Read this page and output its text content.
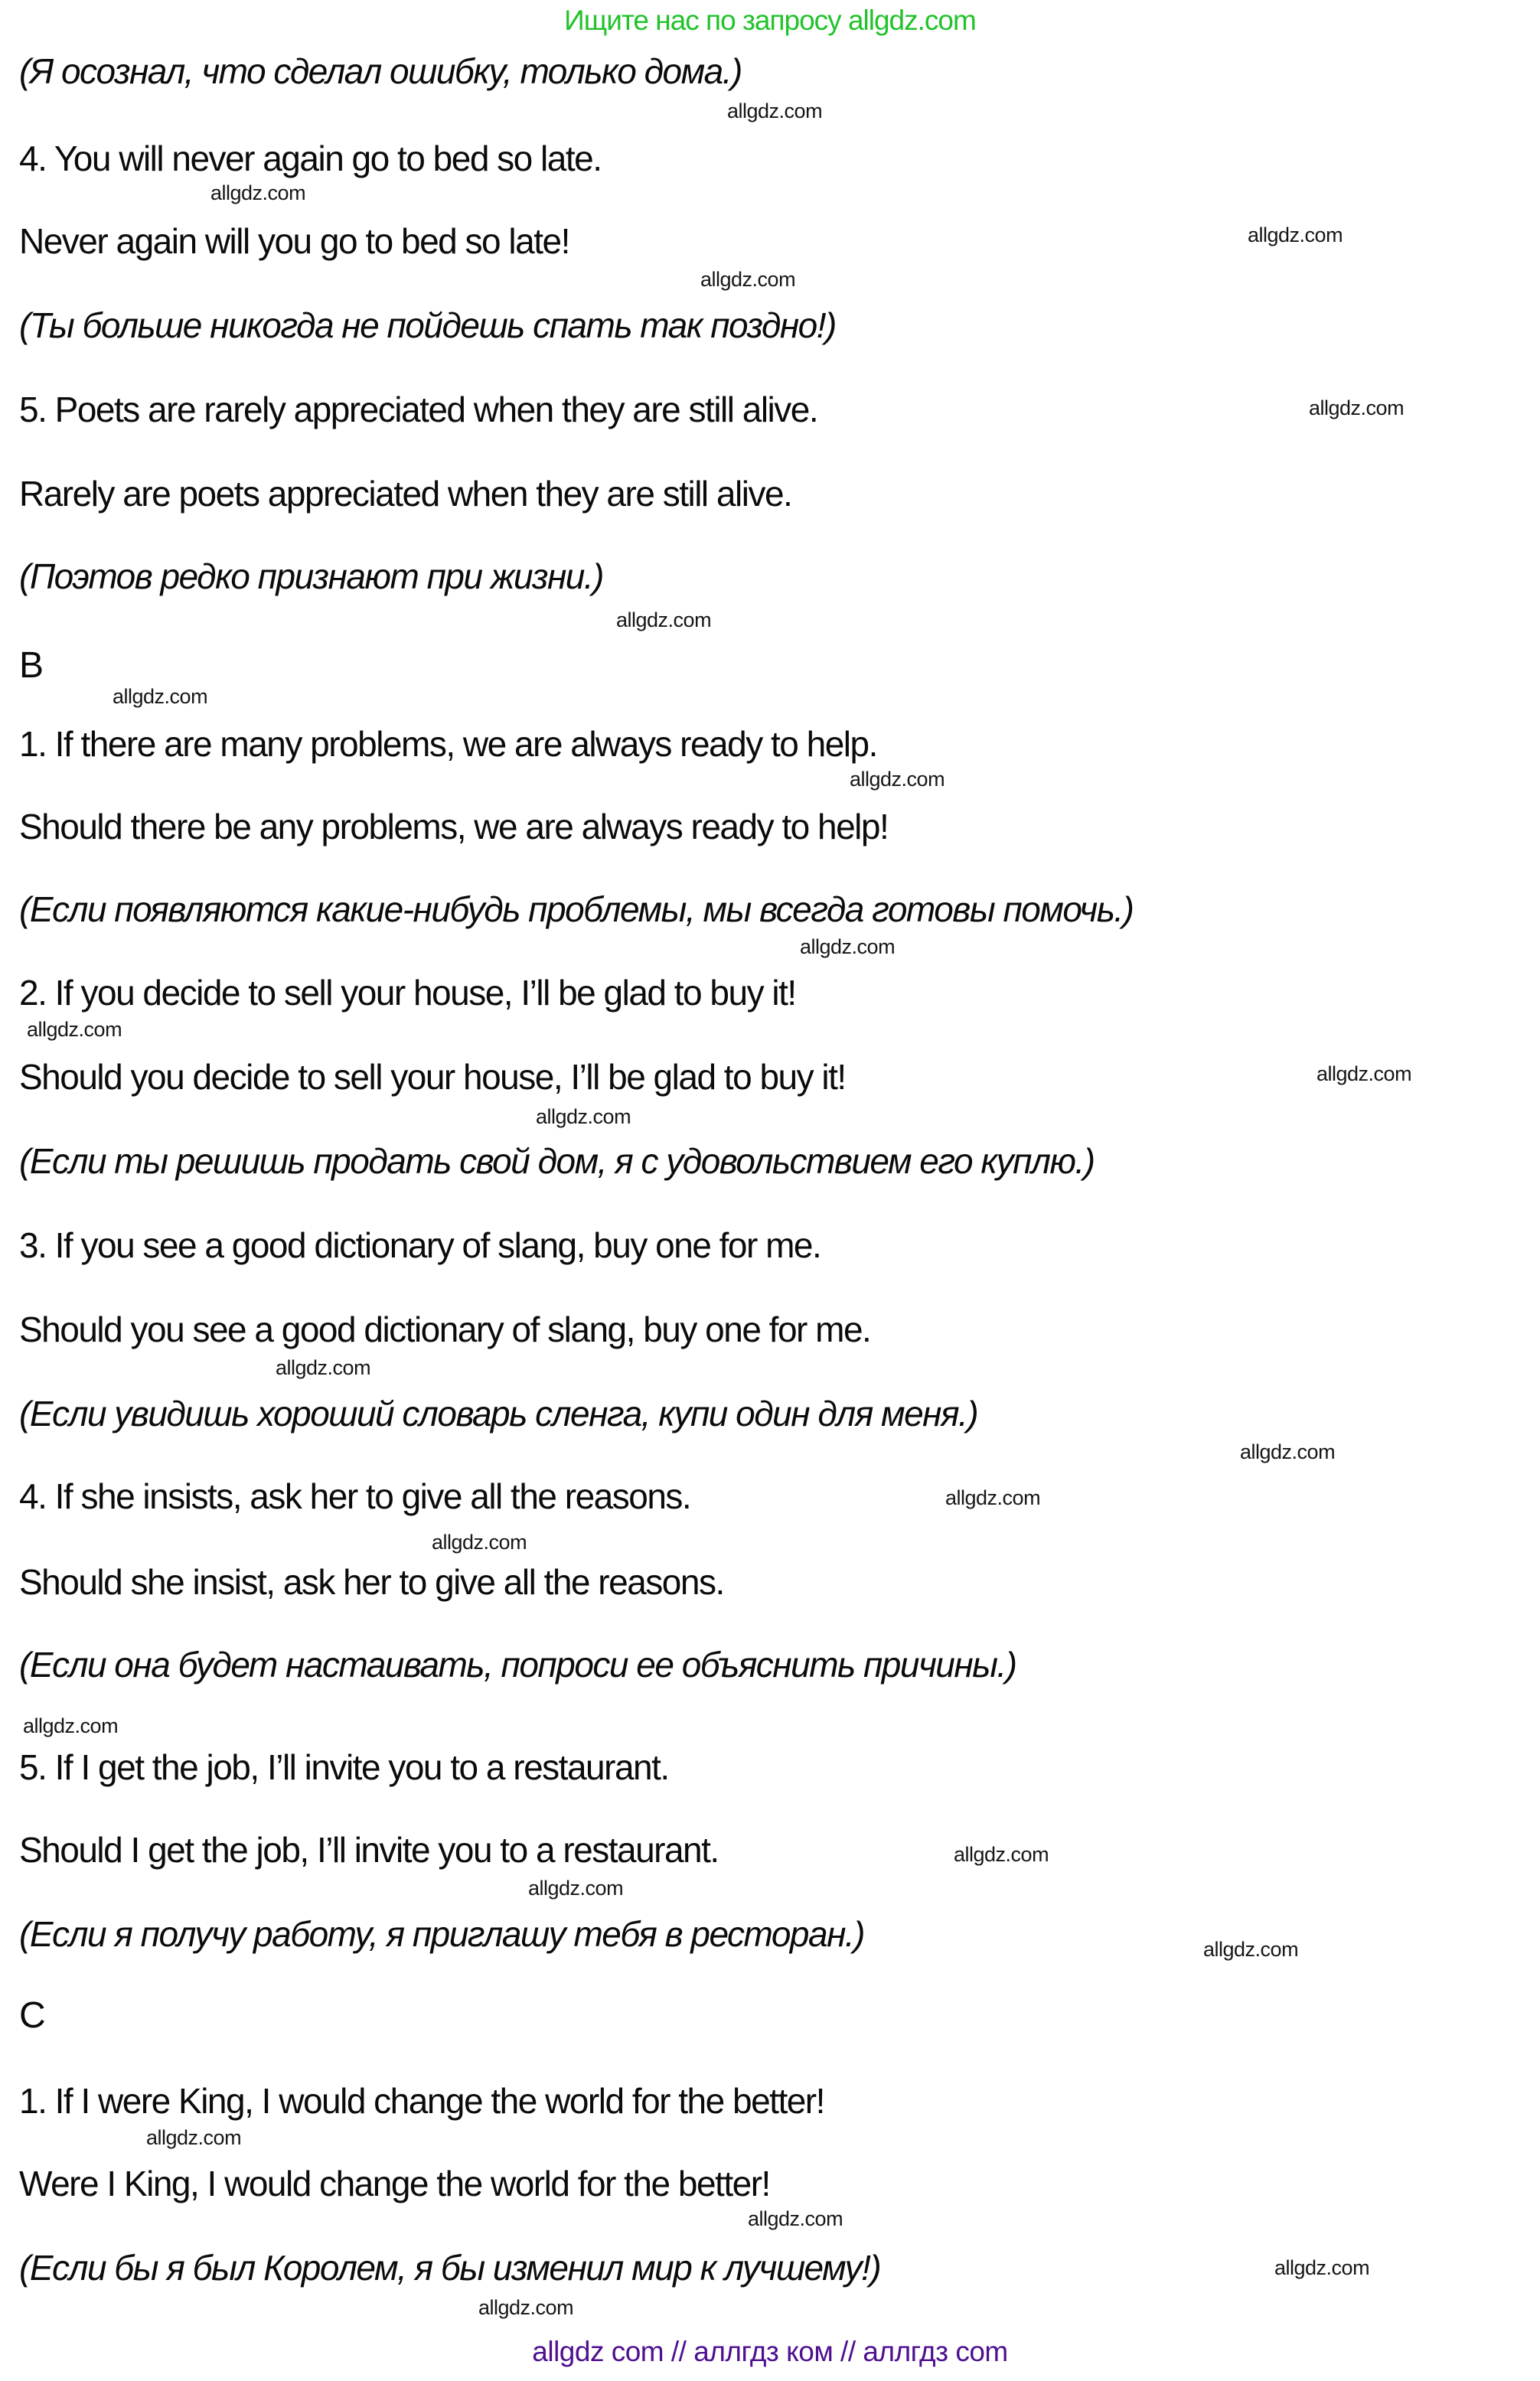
Ищите нас по запросу allgdz.com
(Я осознал, что сделал ошибку, только дома.)
allgdz.com
4. You will never again go to bed so late.
allgdz.com
Never again will you go to bed so late!	allgdz.com
allgdz.com
(Ты больше никогда не пойдешь спать так поздно!)
5. Poets are rarely appreciated when they are still alive.	allgdz.com
Rarely are poets appreciated when they are still alive.
(Поэтов редко признают при жизни.)
allgdz.com
B
allgdz.com
1. If there are many problems, we are always ready to help.
allgdz.com
Should there be any problems, we are always ready to help!
(Если появляются какие-нибудь проблемы, мы всегда готовы помочь.)
allgdz.com
2. If you decide to sell your house, I’ll be glad to buy it!
allgdz.com
Should you decide to sell your house, I’ll be glad to buy it!	allgdz.com
allgdz.com
(Если ты решишь продать свой дом, я с удовольствием его куплю.)
3. If you see a good dictionary of slang, buy one for me.
Should you see a good dictionary of slang, buy one for me.
allgdz.com
(Если увидишь хороший словарь сленга, купи один для меня.)
allgdz.com
4. If she insists, ask her to give all the reasons.	allgdz.com
allgdz.com
Should she insist, ask her to give all the reasons.
(Если она будет настаивать, попроси ее объяснить причины.)
allgdz.com
5. If I get the job, I’ll invite you to a restaurant.
Should I get the job, I’ll invite you to a restaurant.	allgdz.com
allgdz.com
(Если я получу работу, я приглашу тебя в ресторан.)	allgdz.com
C
1. If I were King, I would change the world for the better!
allgdz.com
Were I King, I would change the world for the better!
allgdz.com
(Если бы я был Королем, я бы изменил мир к лучшему!)	allgdz.com
allgdz.com
allgdz com // аллгдз ком // аллгдз com
